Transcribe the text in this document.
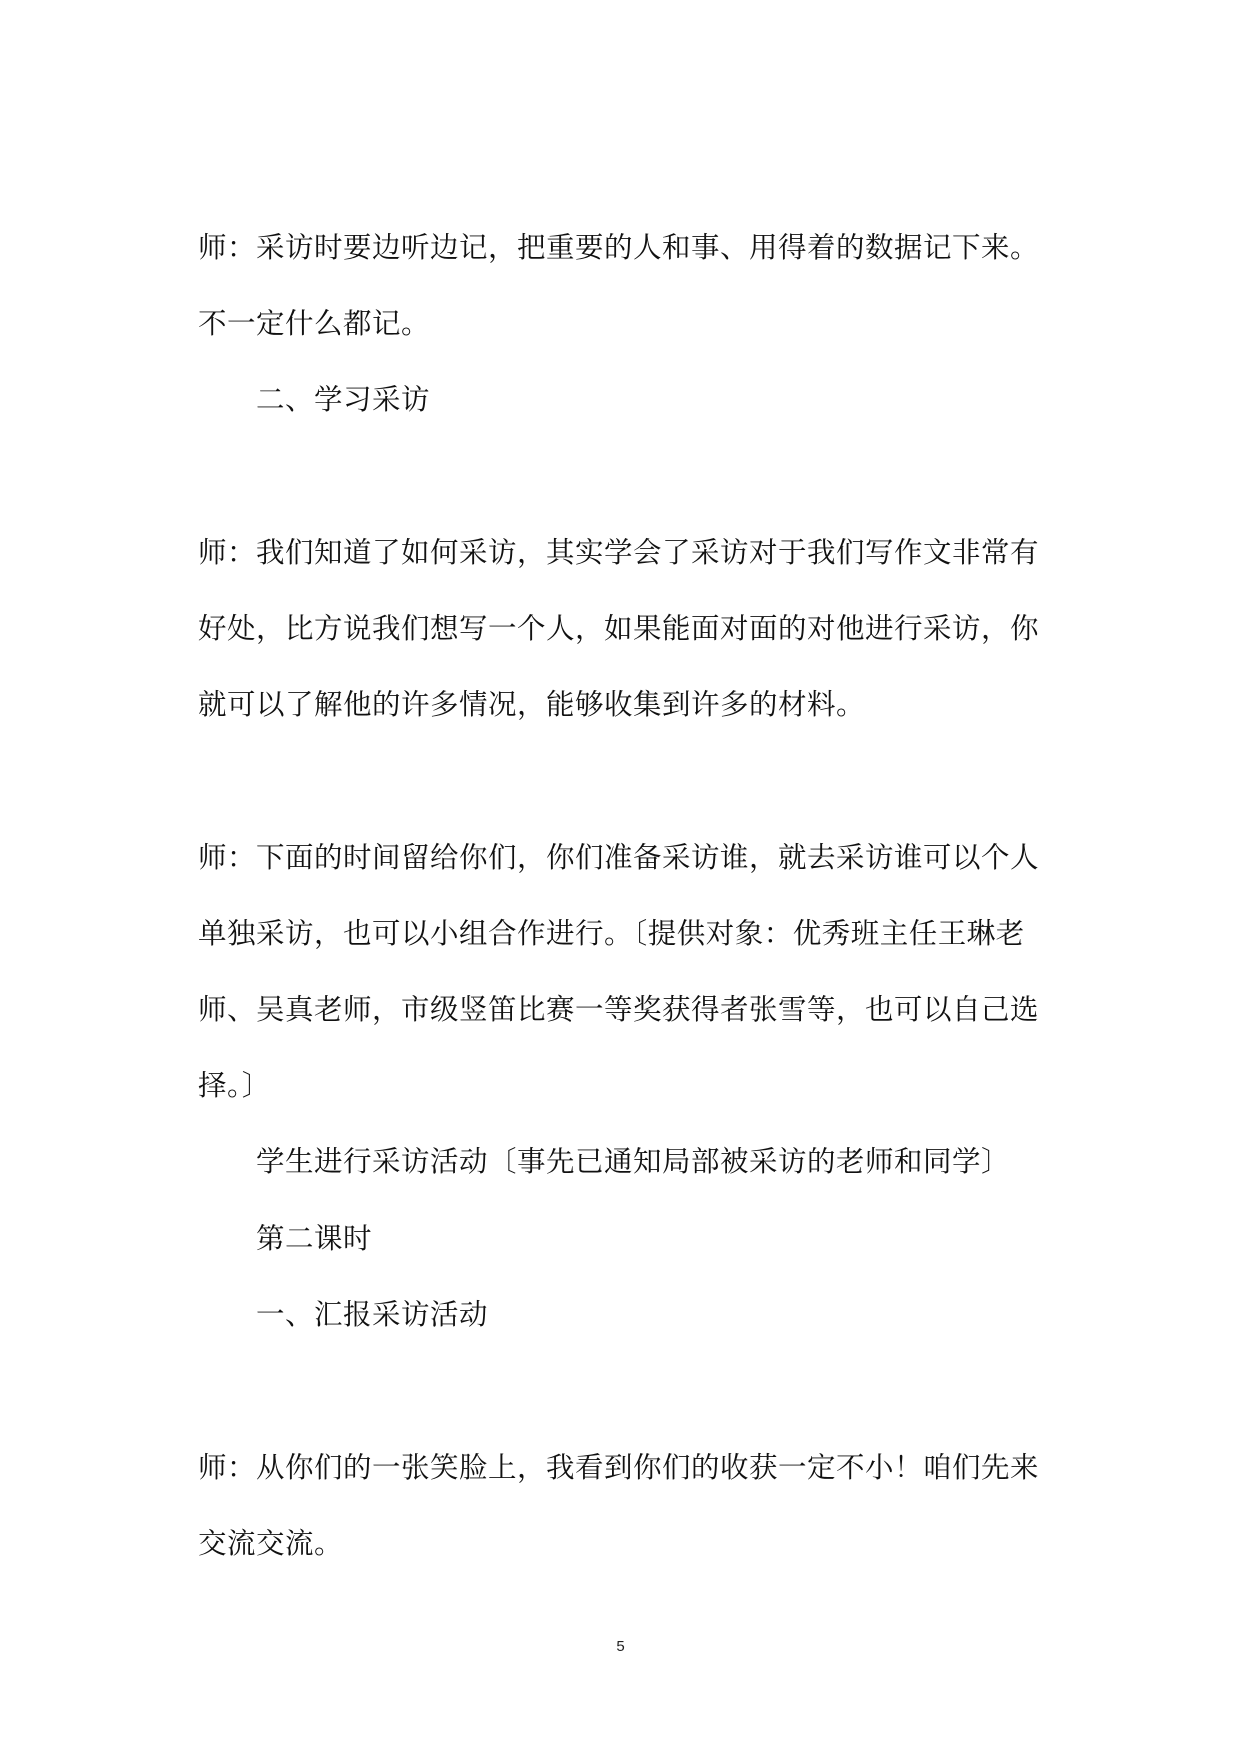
师：采访时要边听边记，把重要的人和事、用得着的数据记下来。
不一定什么都记。
二、学习采访
师：我们知道了如何采访，其实学会了采访对于我们写作文非常有
好处，比方说我们想写一个人，如果能面对面的对他进行采访，你
就可以了解他的许多情况，能够收集到许多的材料。
师：下面的时间留给你们，你们准备采访谁，就去采访谁可以个人
单独采访，也可以小组合作进行。〔提供对象：优秀班主任王琳老
师、吴真老师，市级竖笛比赛一等奖获得者张雪等，也可以自己选
择。〕
学生进行采访活动〔事先已通知局部被采访的老师和同学〕
第二课时
一、汇报采访活动
师：从你们的一张笑脸上，我看到你们的收获一定不小！咱们先来
交流交流。
5
